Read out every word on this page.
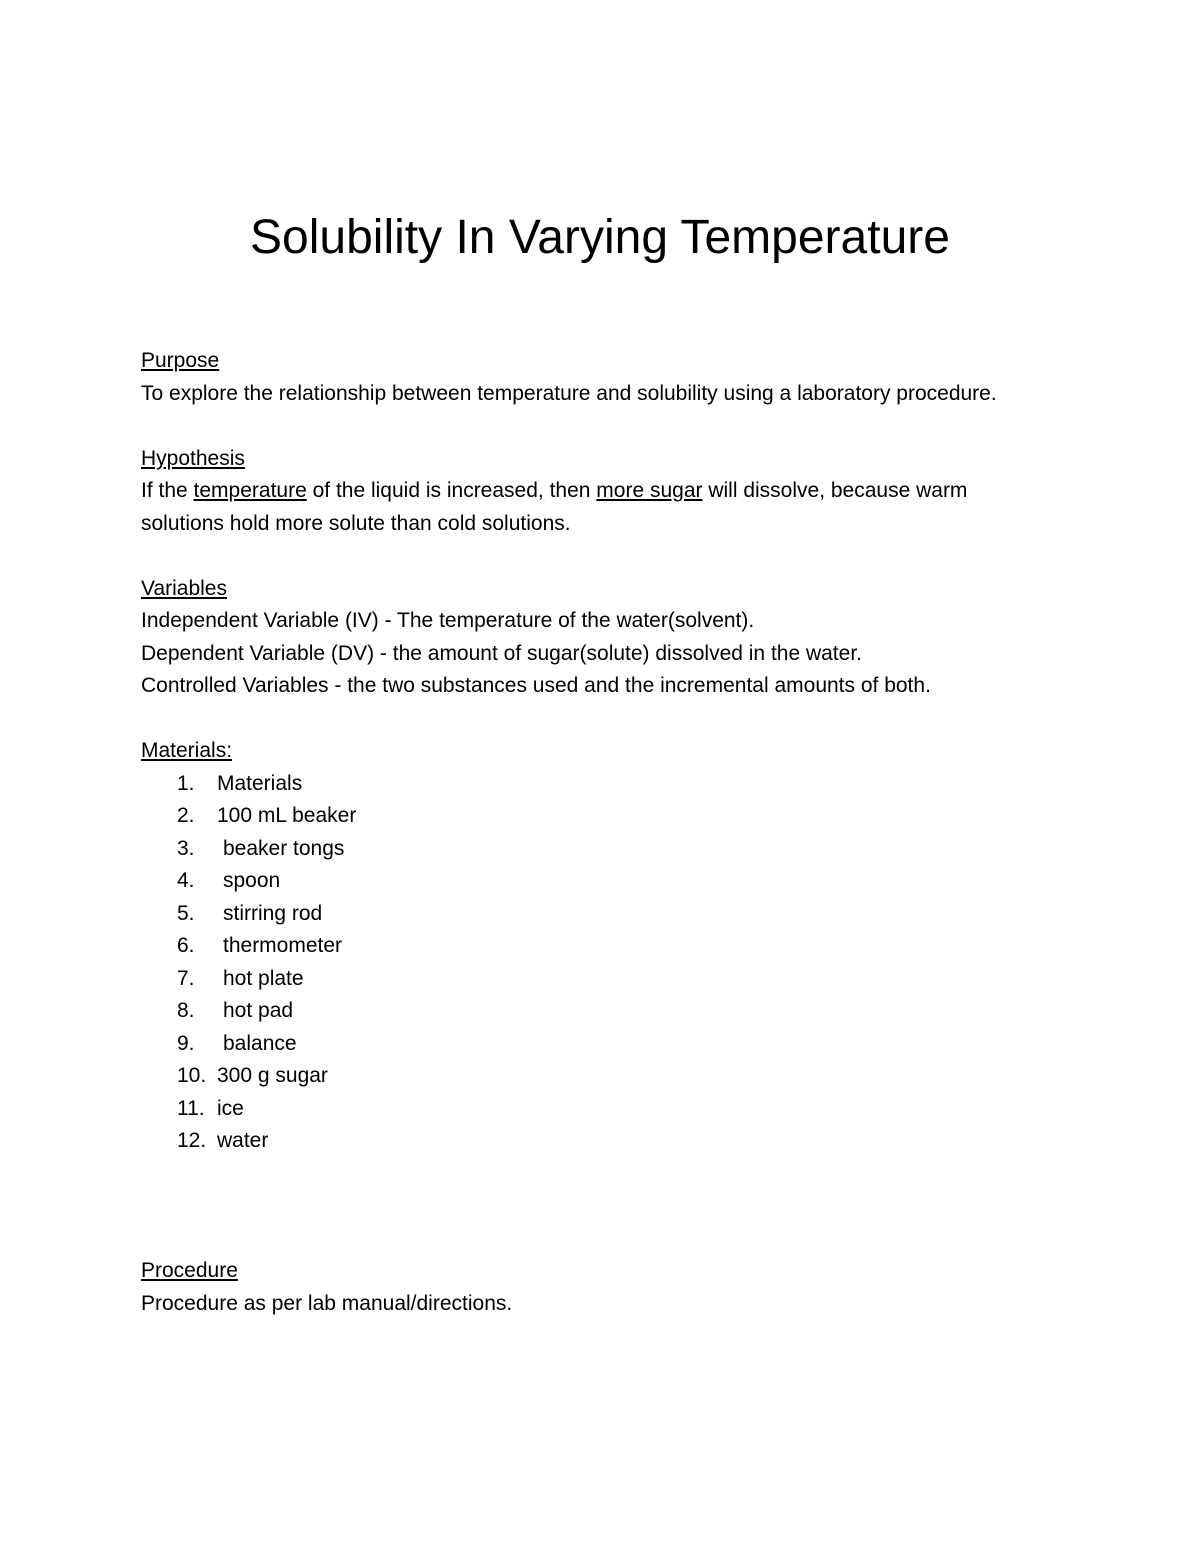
Solubility In Varying Temperature
Purpose
To explore the relationship between temperature and solubility using a laboratory procedure.
Hypothesis
If the temperature of the liquid is increased, then more sugar will dissolve, because warm solutions hold more solute than cold solutions.
Variables
Independent Variable (IV) - The temperature of the water(solvent).
Dependent Variable (DV) - the amount of sugar(solute) dissolved in the water.
Controlled Variables - the two substances used and the incremental amounts of both.
Materials:
1. Materials
2. 100 mL beaker
3. beaker tongs
4. spoon
5. stirring rod
6. thermometer
7. hot plate
8. hot pad
9. balance
10. 300 g sugar
11. ice
12. water
Procedure
Procedure as per lab manual/directions.
